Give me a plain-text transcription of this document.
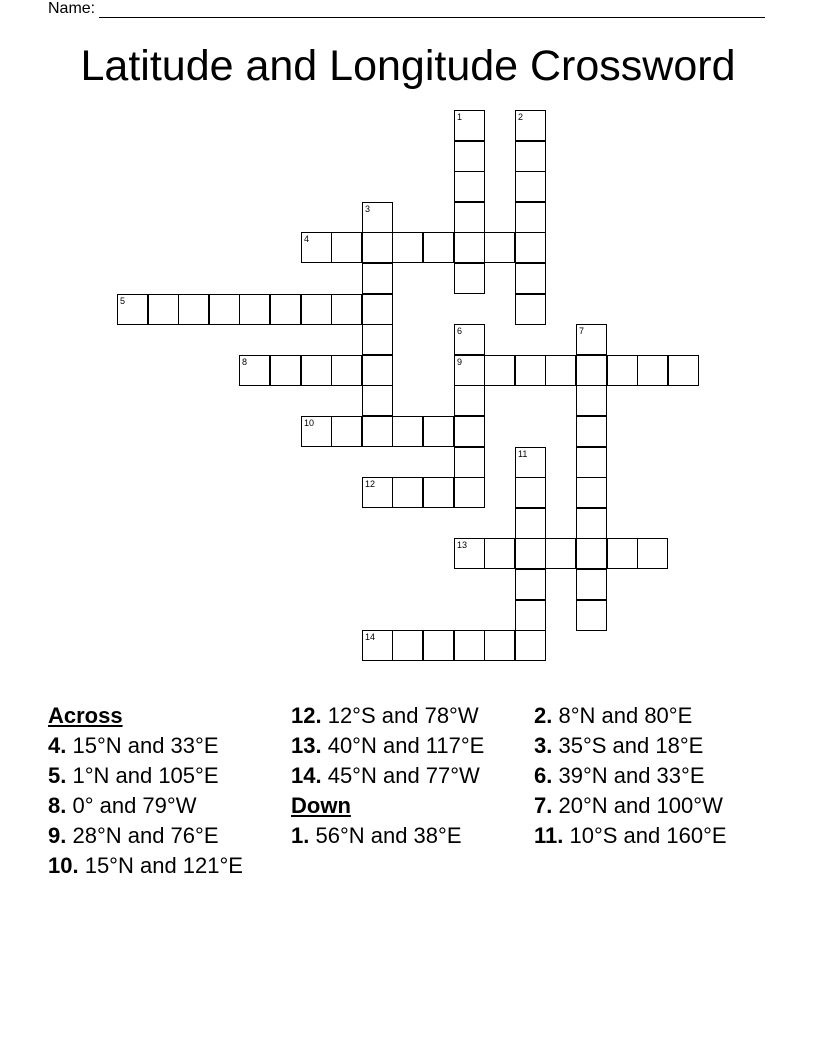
Name:
Latitude and Longitude Crossword
1	2
3
4
5
6
9
7
8
10
11
12
13
14
Across
4. 15°N and 33°E
5. 1°N and 105°E
8. 0° and 79°W
9. 28°N and 76°E
10. 15°N and 121°E
12. 12°S and 78°W
13. 40°N and 117°E
14. 45°N and 77°W
Down
1. 56°N and 38°E
2. 8°N and 80°E
3. 35°S and 18°E
6. 39°N and 33°E
7. 20°N and 100°W
11. 10°S and 160°E
